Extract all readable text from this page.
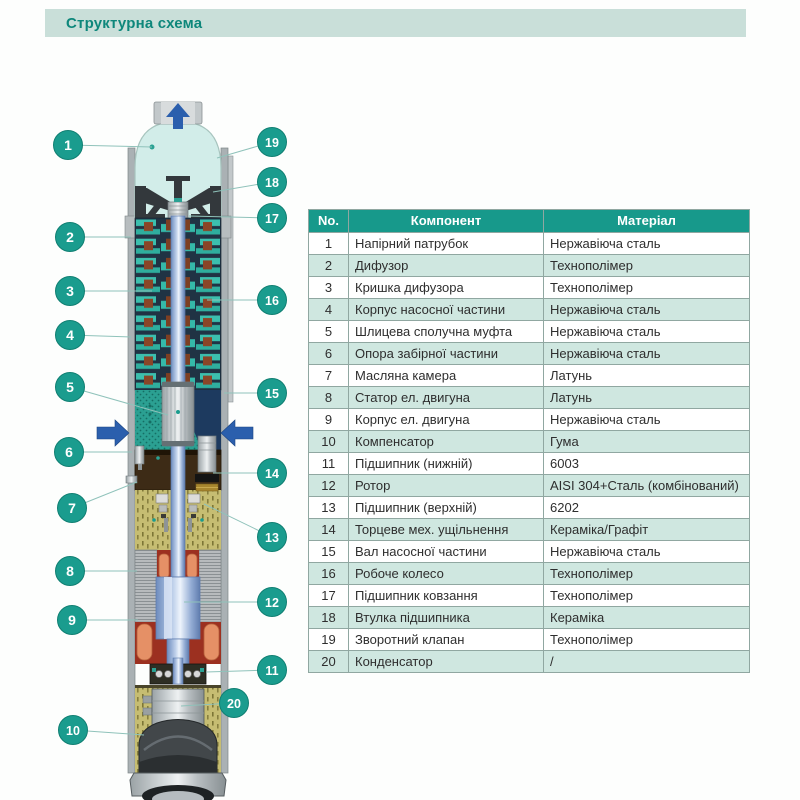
Структурна схема
1
2
3
4
5
6
7
8
9
10
11
12
13
14
15
16
17
18
19
20
No.	Компонент	Матеріал
1	Напірний патрубок	Нержавіюча сталь
2	Дифузор	Технополімер
3	Кришка дифузора	Технополімер
4	Корпус насосної частини	Нержавіюча сталь
5	Шлицева сполучна муфта	Нержавіюча сталь
6	Опора забірної частини	Нержавіюча сталь
7	Масляна камера	Латунь
8	Статор ел. двигуна	Латунь
9	Корпус ел. двигуна	Нержавіюча сталь
10	Компенсатор	Гума
11	Підшипник (нижній)	6003
12	Ротор	AISI 304+Сталь (комбінований)
13	Підшипник (верхній)	6202
14	Торцеве мех. ущільнення	Кераміка/Графіт
15	Вал насосної частини	Нержавіюча сталь
16	Робоче колесо	Технополімер
17	Підшипник ковзання	Технополімер
18	Втулка підшипника	Кераміка
19	Зворотний клапан	Технополімер
20	Конденсатор	/
